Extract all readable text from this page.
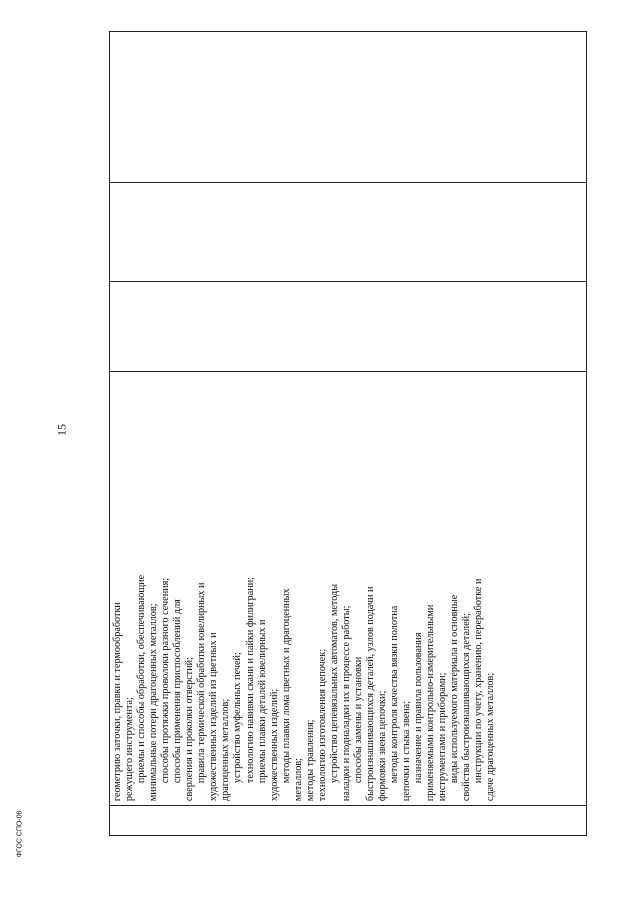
15
геометрию заточки, правки и термообработки режущего инструмента; приемы и способы обработки, обеспечивающие минимальные потери драгоценных металлов; способы протяжки проволоки разного сечения; способы применения приспособлений для сверления и проколки отверстий; правила термической обработки ювелирных и художественных изделий из цветных и драгоценных металлов; устройство муфельных печей; технологию навивки скани и пайки филиграни; приемы плавки деталей ювелирных и художественных изделий; методы плавки лома цветных и драгоценных металлов; методы травления; технологию изготовления цепочек; устройство цепевязальных автоматов, методы наладки и подналадки их в процессе работы; способы замены и установки быстроизнашивающихся деталей, узлов подачи и формовки звена цепочки; методы контроля качества вязки полотна цепочки и стыка звена; назначение и правила пользования применяемыми контрольно-измерительными инструментами и приборами; виды используемого материала и основные свойства быстроизнашивающихся деталей; инструкции по учету, хранению, переработке и сдаче драгоценных металлов;
ФГОС СПО-06
